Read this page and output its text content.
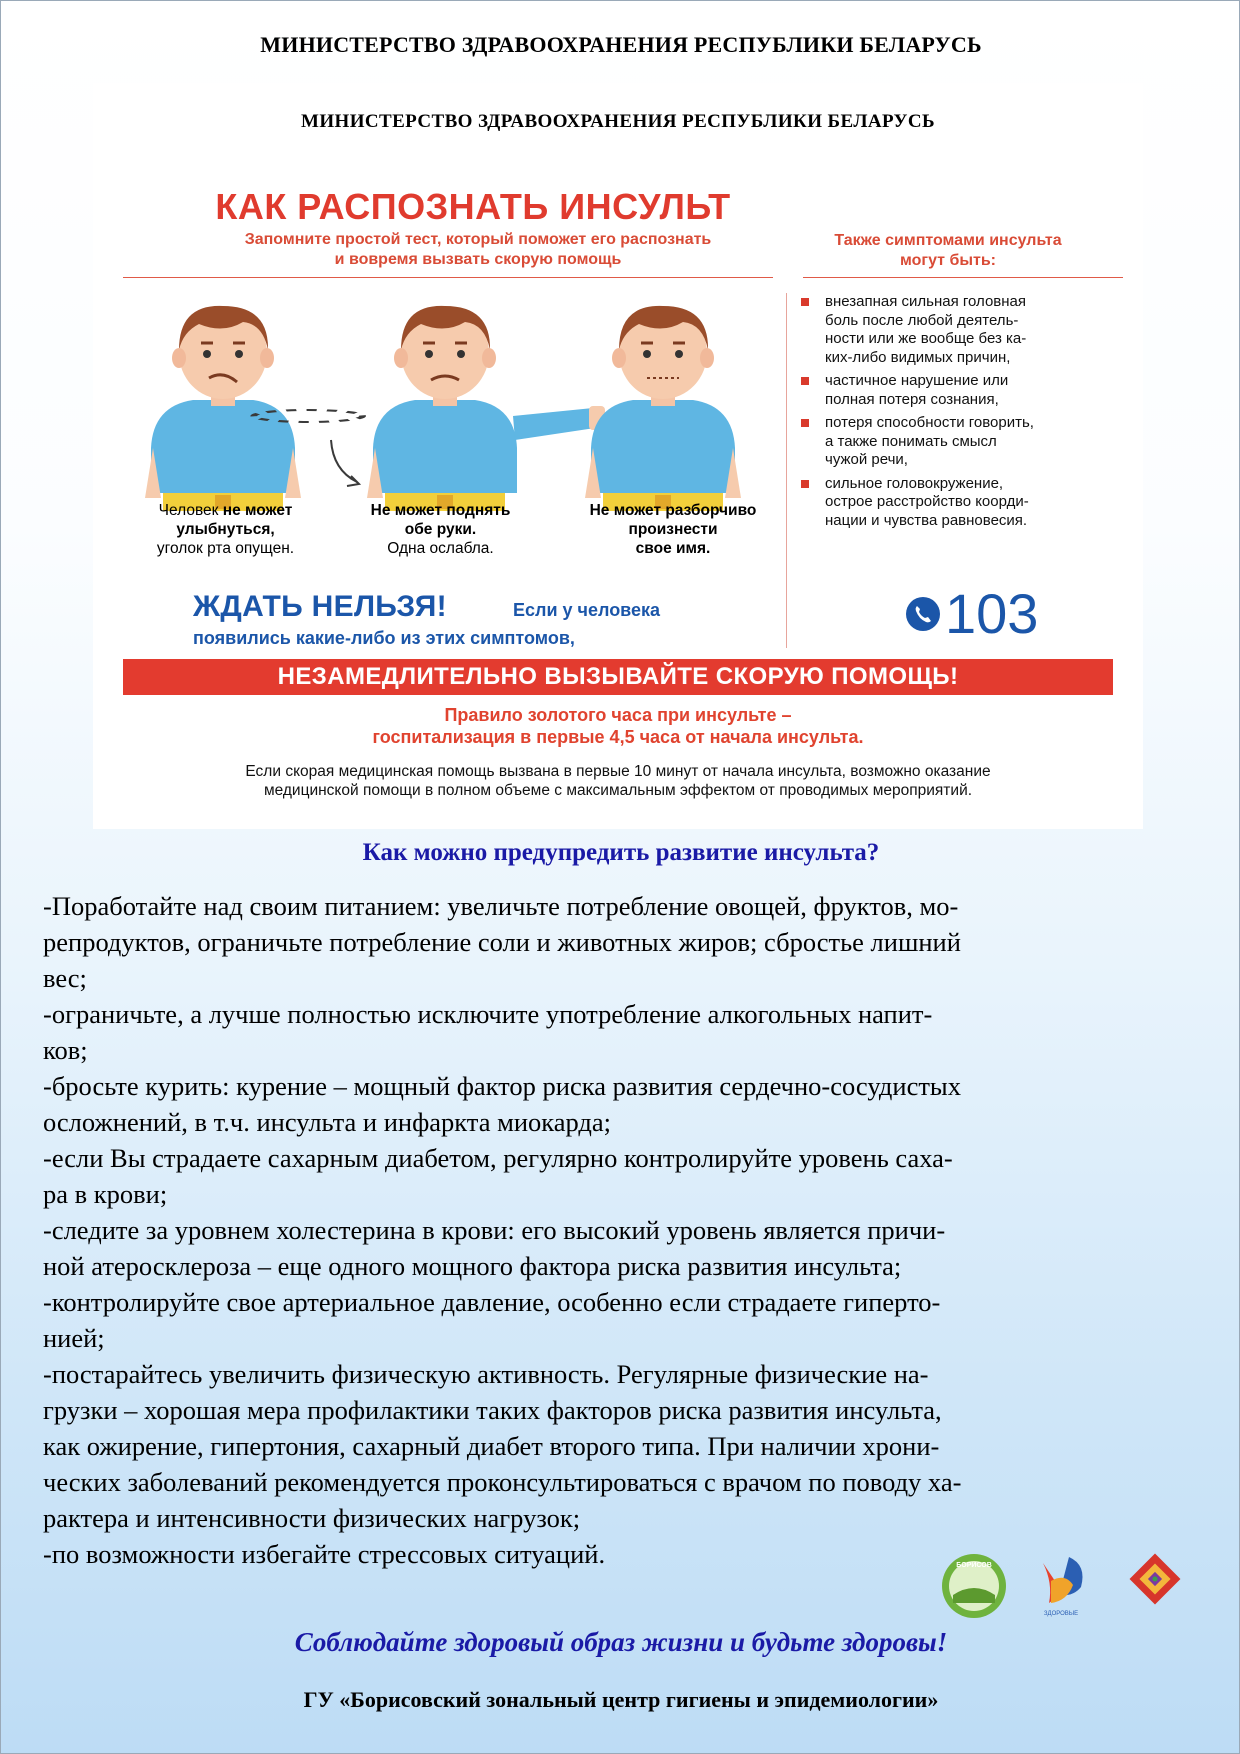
МИНИСТЕРСТВО ЗДРАВООХРАНЕНИЯ РЕСПУБЛИКИ БЕЛАРУСЬ
МИНИСТЕРСТВО ЗДРАВООХРАНЕНИЯ РЕСПУБЛИКИ БЕЛАРУСЬ
КАК РАСПОЗНАТЬ ИНСУЛЬТ
Запомните простой тест, который поможет его распознать
и вовремя вызвать скорую помощь
Также симптомами инсульта
могут быть:
Человек не может
улыбнуться,
уголок рта опущен.
Не может поднять
обе руки.
Одна ослабла.
Не может разборчиво
произнести
свое имя.
внезапная сильная головная
боль после любой деятель-
ности или же вообще без ка-
ких-либо видимых причин,
частичное нарушение или
полная потеря сознания,
потеря способности говорить,
а также понимать смысл
чужой речи,
сильное головокружение,
острое расстройство коорди-
нации и чувства равновесия.
ЖДАТЬ НЕЛЬЗЯ!	Если у человека
появились какие-либо из этих симптомов,	103
НЕЗАМЕДЛИТЕЛЬНО ВЫЗЫВАЙТЕ СКОРУЮ ПОМОЩЬ!
Правило золотого часа при инсульте –
госпитализация в первые 4,5 часа от начала инсульта.
Если скорая медицинская помощь вызвана в первые 10 минут от начала инсульта, возможно оказание
медицинской помощи в полном объеме с максимальным эффектом от проводимых мероприятий.
Как можно предупредить развитие инсульта?
-Поработайте над своим питанием: увеличьте потребление овощей, фруктов, мо-
репродуктов, ограничьте потребление соли и животных жиров; сбростье лишний
вес;
-ограничьте, а лучше полностью исключите употребление алкогольных напит-
ков;
-бросьте курить: курение – мощный фактор риска развития сердечно-сосудистых
осложнений, в т.ч. инсульта и инфаркта миокарда;
-если Вы страдаете сахарным диабетом, регулярно контролируйте уровень саха-
ра в крови;
-следите за уровнем холестерина в крови: его высокий уровень является причи-
ной атеросклероза – еще одного мощного фактора риска развития инсульта;
-контролируйте свое артериальное давление, особенно если страдаете гиперто-
нией;
-постарайтесь увеличить физическую активность. Регулярные физические на-
грузки – хорошая мера профилактики таких факторов риска развития инсульта,
как ожирение, гипертония, сахарный диабет второго типа. При наличии хрони-
ческих заболеваний рекомендуется проконсультироваться с врачом по поводу ха-
рактера и интенсивности физических нагрузок;
-по возможности избегайте стрессовых ситуаций.	БОРИСОВ
ЗДОРОВЫЕ
Соблюдайте здоровый образ жизни и будьте здоровы!
ГУ «Борисовский зональный центр гигиены и эпидемиологии»
